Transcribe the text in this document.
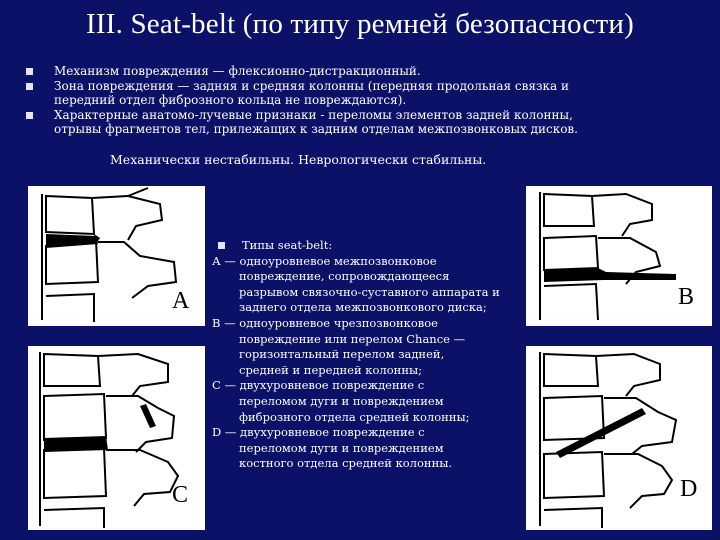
III. Seat-belt (по типу ремней безопасности)
Механизм повреждения — флексионно-дистракционный.
Зона повреждения — задняя и средняя колонны (передняя продольная связка и
передний отдел фиброзного кольца не повреждаются).
Характерные анатомо-лучевые признаки - переломы элементов задней колонны,
отрывы фрагментов тел, прилежащих к задним отделам межпозвонковых дисков.
Механически нестабильны. Неврологически стабильны.
А
С
В
D
Типы seat-belt:
А — одноуровневое межпозвонковое
повреждение, сопровождающееся
разрывом связочно-суставного аппарата и
заднего отдела межпозвонкового диска;
В — одноуровневое чрезпозвонковое
повреждение или перелом Chance —
горизонтальный перелом задней,
средней и передней колонны;
С — двухуровневое повреждение с
переломом дуги и повреждением
фиброзного отдела средней колонны;
D — двухуровневое повреждение с
переломом дуги и повреждением
костного отдела средней колонны.
